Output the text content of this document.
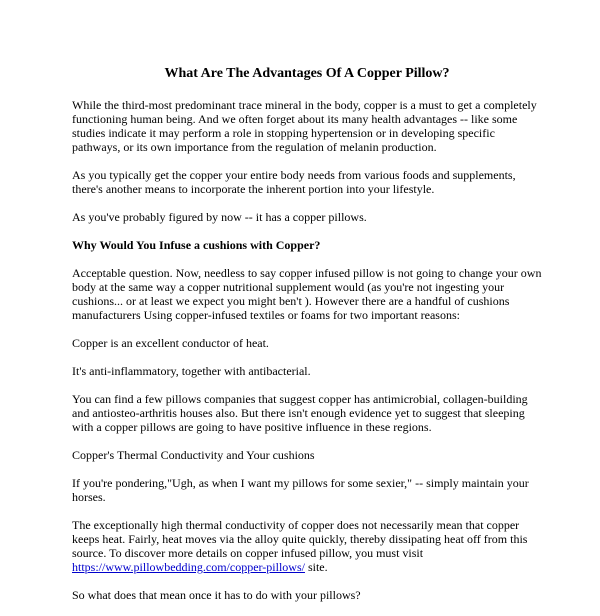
What Are The Advantages Of A Copper Pillow?

While the third-most predominant trace mineral in the body, copper is a must to get a completely functioning human being. And we often forget about its many health advantages -- like some studies indicate it may perform a role in stopping hypertension or in developing specific pathways, or its own importance from the regulation of melanin production.

As you typically get the copper your entire body needs from various foods and supplements, there's another means to incorporate the inherent portion into your lifestyle.

As you've probably figured by now -- it has a copper pillows.

Why Would You Infuse a cushions with Copper?

Acceptable question. Now, needless to say copper infused pillow is not going to change your own body at the same way a copper nutritional supplement would (as you're not ingesting your cushions... or at least we expect you might ben't ). However there are a handful of cushions manufacturers Using copper-infused textiles or foams for two important reasons:

Copper is an excellent conductor of heat.

It's anti-inflammatory, together with antibacterial.

You can find a few pillows companies that suggest copper has antimicrobial, collagen-building and antiosteo-arthritis houses also. But there isn't enough evidence yet to suggest that sleeping with a copper pillows are going to have positive influence in these regions.

Copper's Thermal Conductivity and Your cushions

If you're pondering,"Ugh, as when I want my pillows for some sexier," -- simply maintain your horses.

The exceptionally high thermal conductivity of copper does not necessarily mean that copper keeps heat. Fairly, heat moves via the alloy quite quickly, thereby dissipating heat off from this source. To discover more details on copper infused pillow, you must visit https://www.pillowbedding.com/copper-pillows/ site.

So what does that mean once it has to do with your pillows?
